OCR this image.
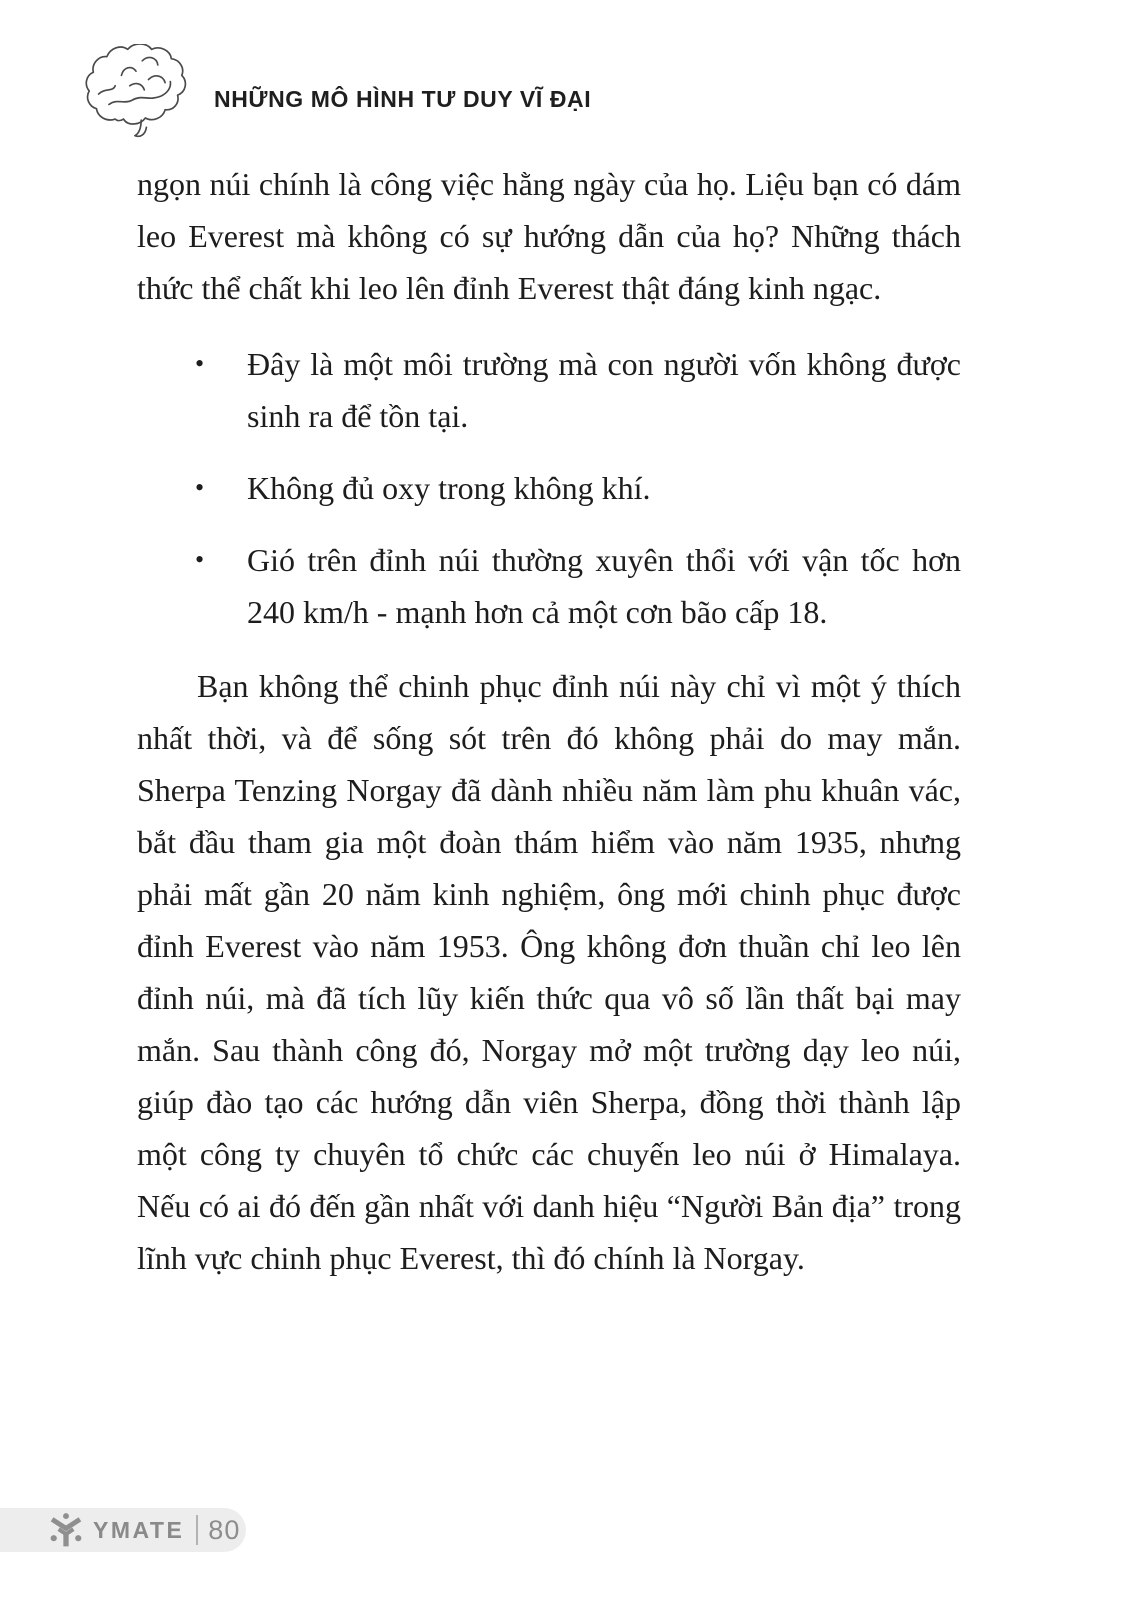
NHỮNG MÔ HÌNH TƯ DUY VĨ ĐẠI

ngọn núi chính là công việc hằng ngày của họ. Liệu bạn có dám leo Everest mà không có sự hướng dẫn của họ? Những thách thức thể chất khi leo lên đỉnh Everest thật đáng kinh ngạc.

•	Đây là một môi trường mà con người vốn không được sinh ra để tồn tại.
•	Không đủ oxy trong không khí.
•	Gió trên đỉnh núi thường xuyên thổi với vận tốc hơn 240 km/h - mạnh hơn cả một cơn bão cấp 18.

Bạn không thể chinh phục đỉnh núi này chỉ vì một ý thích nhất thời, và để sống sót trên đó không phải do may mắn. Sherpa Tenzing Norgay đã dành nhiều năm làm phu khuân vác, bắt đầu tham gia một đoàn thám hiểm vào năm 1935, nhưng phải mất gần 20 năm kinh nghiệm, ông mới chinh phục được đỉnh Everest vào năm 1953. Ông không đơn thuần chỉ leo lên đỉnh núi, mà đã tích lũy kiến thức qua vô số lần thất bại may mắn. Sau thành công đó, Norgay mở một trường dạy leo núi, giúp đào tạo các hướng dẫn viên Sherpa, đồng thời thành lập một công ty chuyên tổ chức các chuyến leo núi ở Himalaya. Nếu có ai đó đến gần nhất với danh hiệu “Người Bản địa” trong lĩnh vực chinh phục Everest, thì đó chính là Norgay.

YMATE 80
